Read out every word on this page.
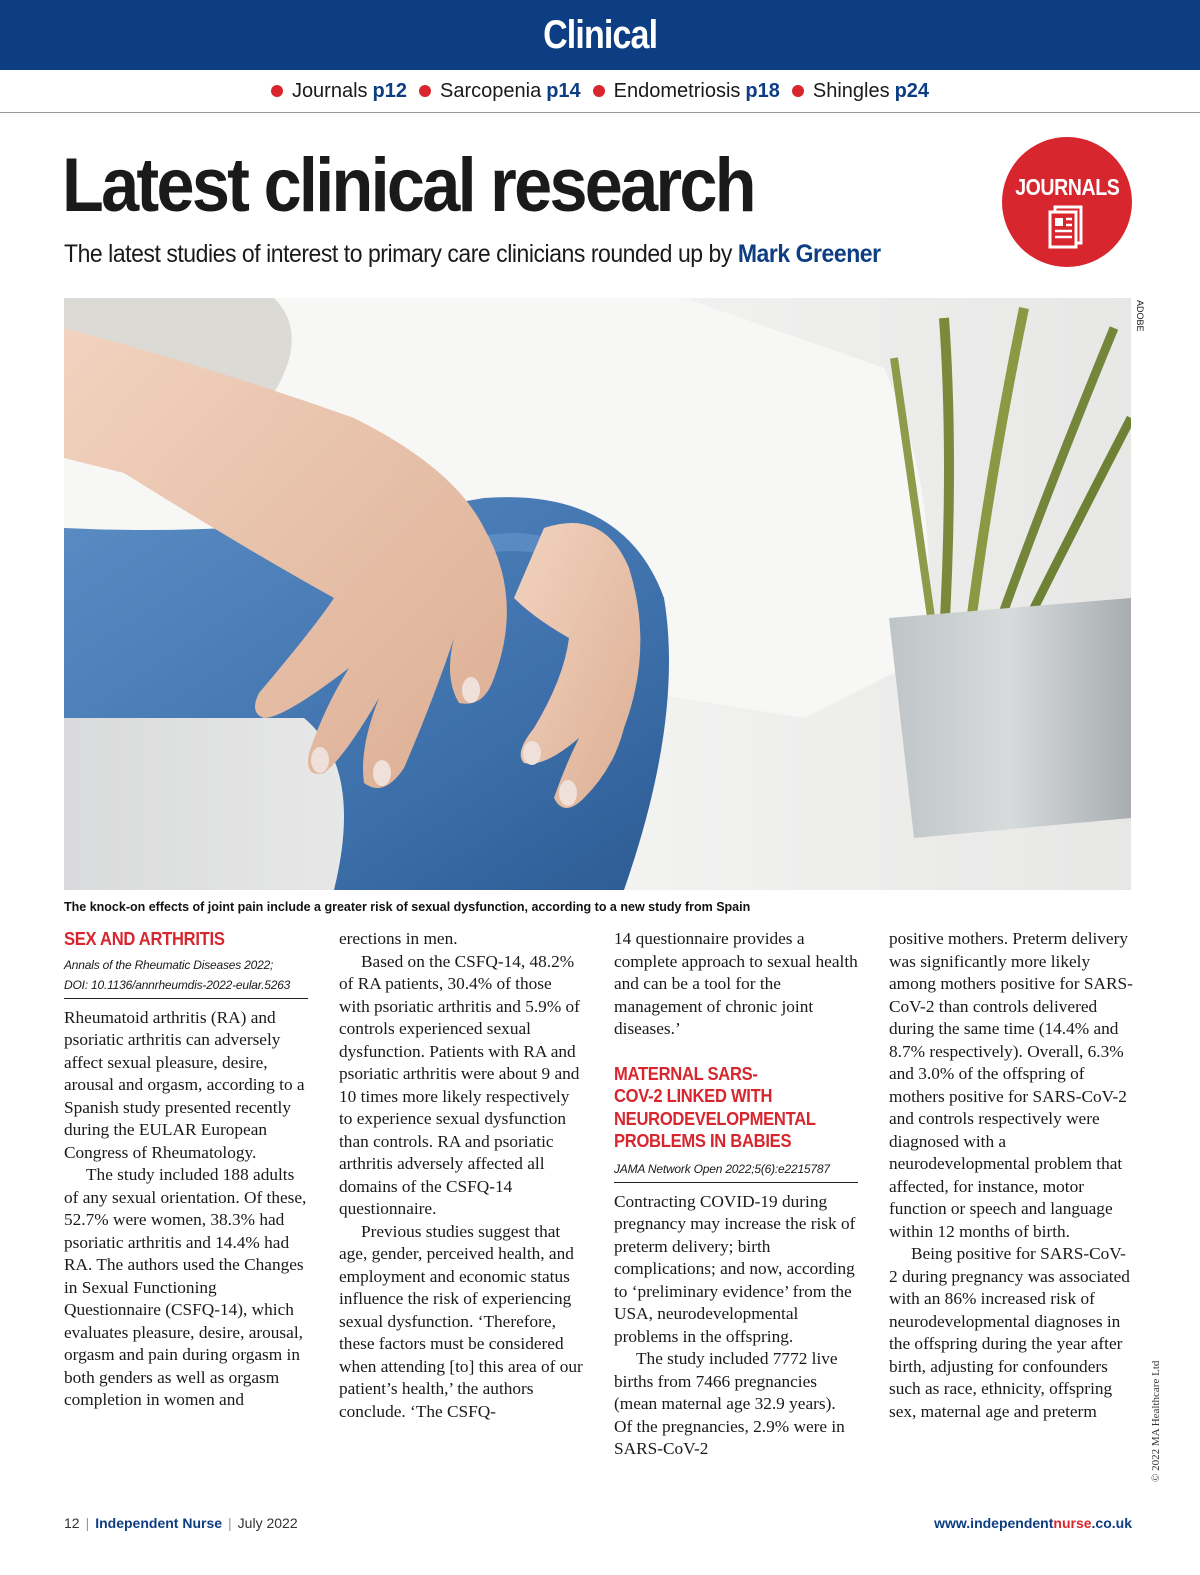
Clinical
Journals p12 Sarcopenia p14 Endometriosis p18 Shingles p24
Latest clinical research
The latest studies of interest to primary care clinicians rounded up by Mark Greener
JOURNALS
ADOBE
The knock-on effects of joint pain include a greater risk of sexual dysfunction, according to a new study from Spain
SEX AND ARTHRITIS
Annals of the Rheumatic Diseases 2022;
DOI: 10.1136/annrheumdis-2022-eular.5263

Rheumatoid arthritis (RA) and psoriatic arthritis can adversely affect sexual pleasure, desire, arousal and orgasm, according to a Spanish study presented recently during the EULAR European Congress of Rheumatology.

The study included 188 adults of any sexual orientation. Of these, 52.7% were women, 38.3% had psoriatic arthritis and 14.4% had RA. The authors used the Changes in Sexual Functioning Questionnaire (CSFQ-14), which evaluates pleasure, desire, arousal, orgasm and pain during orgasm in both genders as well as orgasm completion in women and

erections in men.

Based on the CSFQ-14, 48.2% of RA patients, 30.4% of those with psoriatic arthritis and 5.9% of controls experienced sexual dysfunction. Patients with RA and psoriatic arthritis were about 9 and 10 times more likely respectively to experience sexual dysfunction than controls. RA and psoriatic arthritis adversely affected all domains of the CSFQ-14 questionnaire.

Previous studies suggest that age, gender, perceived health, and employment and economic status influence the risk of experiencing sexual dysfunction. ‘Therefore, these factors must be considered when attending [to] this area of our patient’s health,’ the authors conclude. ‘The CSFQ-

14 questionnaire provides a complete approach to sexual health and can be a tool for the management of chronic joint diseases.’

MATERNAL SARS-
COV-2 LINKED WITH
NEURODEVELOPMENTAL
PROBLEMS IN BABIES
JAMA Network Open 2022;5(6):e2215787

Contracting COVID-19 during pregnancy may increase the risk of preterm delivery; birth complications; and now, according to ‘preliminary evidence’ from the USA, neurodevelopmental problems in the offspring.

The study included 7772 live births from 7466 pregnancies (mean maternal age 32.9 years). Of the pregnancies, 2.9% were in SARS-CoV-2

positive mothers. Preterm delivery was significantly more likely among mothers positive for SARS-CoV-2 than controls delivered during the same time (14.4% and 8.7% respectively). Overall, 6.3% and 3.0% of the offspring of mothers positive for SARS-CoV-2 and controls respectively were diagnosed with a neurodevelopmental problem that affected, for instance, motor function or speech and language within 12 months of birth.

Being positive for SARS-CoV-2 during pregnancy was associated with an 86% increased risk of neurodevelopmental diagnoses in the offspring during the year after birth, adjusting for confounders such as race, ethnicity, offspring sex, maternal age and preterm	© 2022 MA Healthcare Ltd
12 | Independent Nurse | July 2022	www.independentnurse.co.uk
